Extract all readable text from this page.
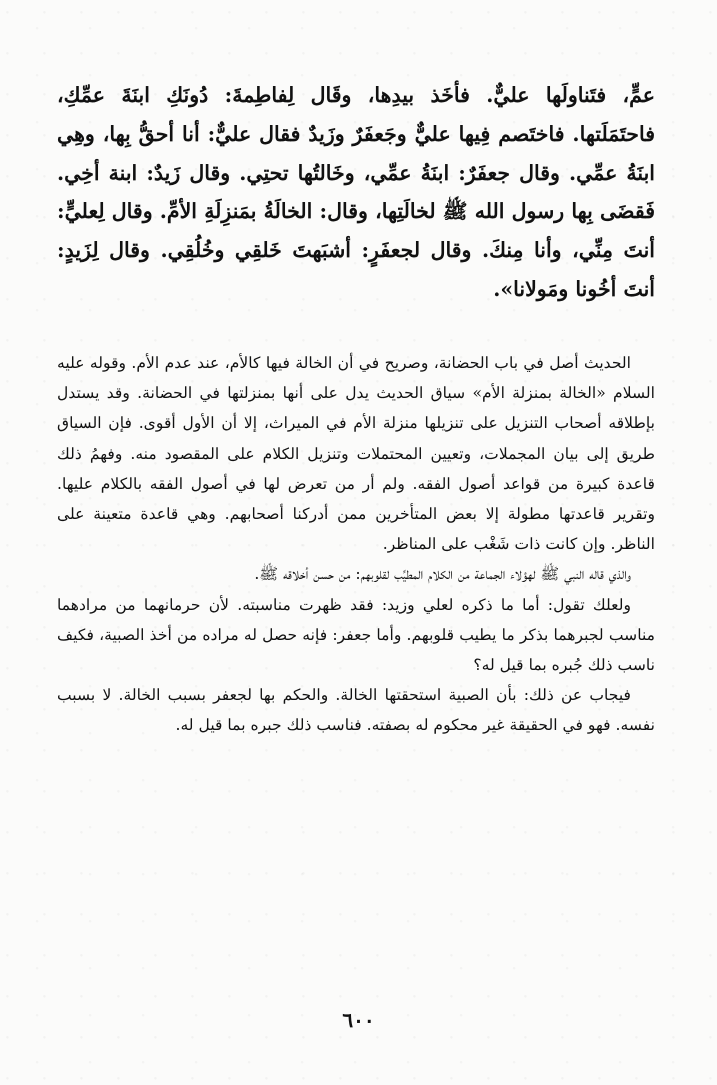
عمٍّ، فتَناولَها عليٌّ. فأخَذ بيدِها، وقَال لِفاطِمةَ: دُونَكِ ابنَةَ عمِّكِ، فاحتَمَلَتها. فاختَصم فِيها عليٌّ وجَعفَرٌ وزَيدٌ فقال عليٌّ: أنا أحقُّ بِها، وهِي ابنَةُ عمِّي. وقال جعفَرٌ: ابنَةُ عمِّي، وخَالتُها تحتِي. وقال زَيدٌ: ابنة أخِي. فَقضَى بِها رسول الله ﷺ لخالَتِها، وقال: الخالَةُ بمَنزِلَةِ الأمِّ. وقال لِعليٍّ: أنتَ مِنِّي، وأنا مِنكَ. وقال لجعفَرٍ: أشبَهتَ خَلقِي وخُلُقِي. وقال لِزَيدٍ: أنتَ أخُونا ومَولانا».

الحديث أصل في باب الحضانة، وصريح في أن الخالة فيها كالأم، عند عدم الأم. وقوله عليه السلام «الخالة بمنزلة الأم» سياق الحديث يدل على أنها بمنزلتها في الحضانة. وقد يستدل بإطلاقه أصحاب التنزيل على تنزيلها منزلة الأم في الميراث، إلا أن الأول أقوى. فإن السياق طريق إلى بيان المجملات، وتعيين المحتملات وتنزيل الكلام على المقصود منه. وفهمُ ذلك قاعدة كبيرة من قواعد أصول الفقه. ولم أر من تعرض لها في أصول الفقه بالكلام عليها. وتقرير قاعدتها مطولة إلا بعض المتأخرين ممن أدركنا أصحابهم. وهي قاعدة متعينة على الناظر. وإن كانت ذات شَغْب على المناظر.

والذي قاله النبي ﷺ لهؤلاء الجماعة من الكلام المطيِّب لقلوبهم: من حسن أخلاقه ﷺ.

ولعلك تقول: أما ما ذكره لعلي وزيد: فقد ظهرت مناسبته. لأن حرمانهما من مرادهما مناسب لجبرهما بذكر ما يطيب قلوبهم. وأما جعفر: فإنه حصل له مراده من أخذ الصبية، فكيف ناسب ذلك جُبره بما قيل له؟

فيجاب عن ذلك: بأن الصبية استحقتها الخالة. والحكم بها لجعفر بسبب الخالة. لا بسبب نفسه. فهو في الحقيقة غير محكوم له بصفته. فناسب ذلك جبره بما قيل له.

٦٠٠
